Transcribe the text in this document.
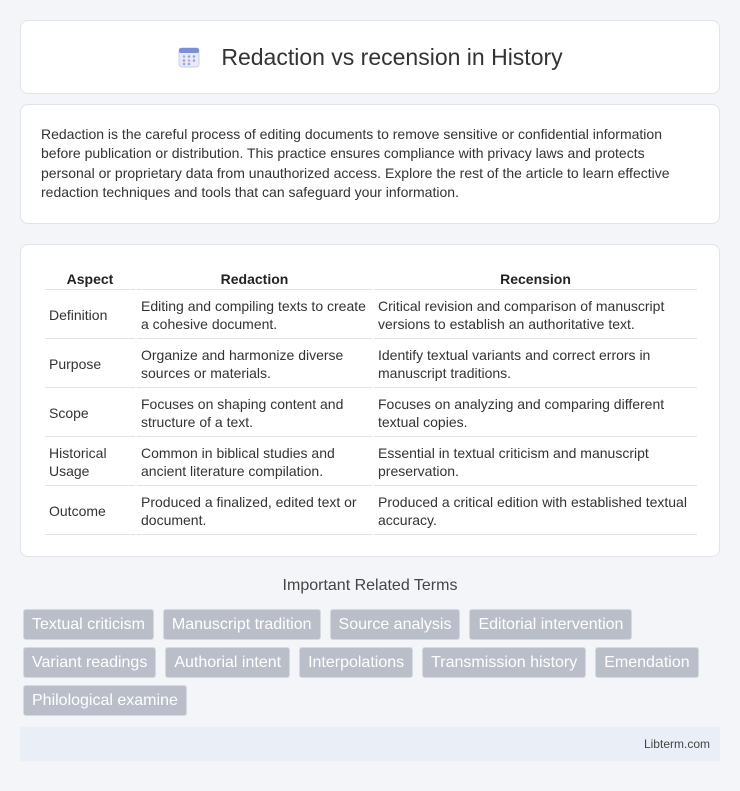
Redaction vs recension in History

Redaction is the careful process of editing documents to remove sensitive or confidential information before publication or distribution. This practice ensures compliance with privacy laws and protects personal or proprietary data from unauthorized access. Explore the rest of the article to learn effective redaction techniques and tools that can safeguard your information.

Aspect	Redaction	Recension
Definition	Editing and compiling texts to create a cohesive document.	Critical revision and comparison of manuscript versions to establish an authoritative text.
Purpose	Organize and harmonize diverse sources or materials.	Identify textual variants and correct errors in manuscript traditions.
Scope	Focuses on shaping content and structure of a text.	Focuses on analyzing and comparing different textual copies.
Historical Usage	Common in biblical studies and ancient literature compilation.	Essential in textual criticism and manuscript preservation.
Outcome	Produced a finalized, edited text or document.	Produced a critical edition with established textual accuracy.
Important Related Terms
Textual criticism	Manuscript tradition	Source analysis	Editorial intervention
Variant readings	Authorial intent	Interpolations	Transmission history	Emendation
Philological examine
Libterm.com
